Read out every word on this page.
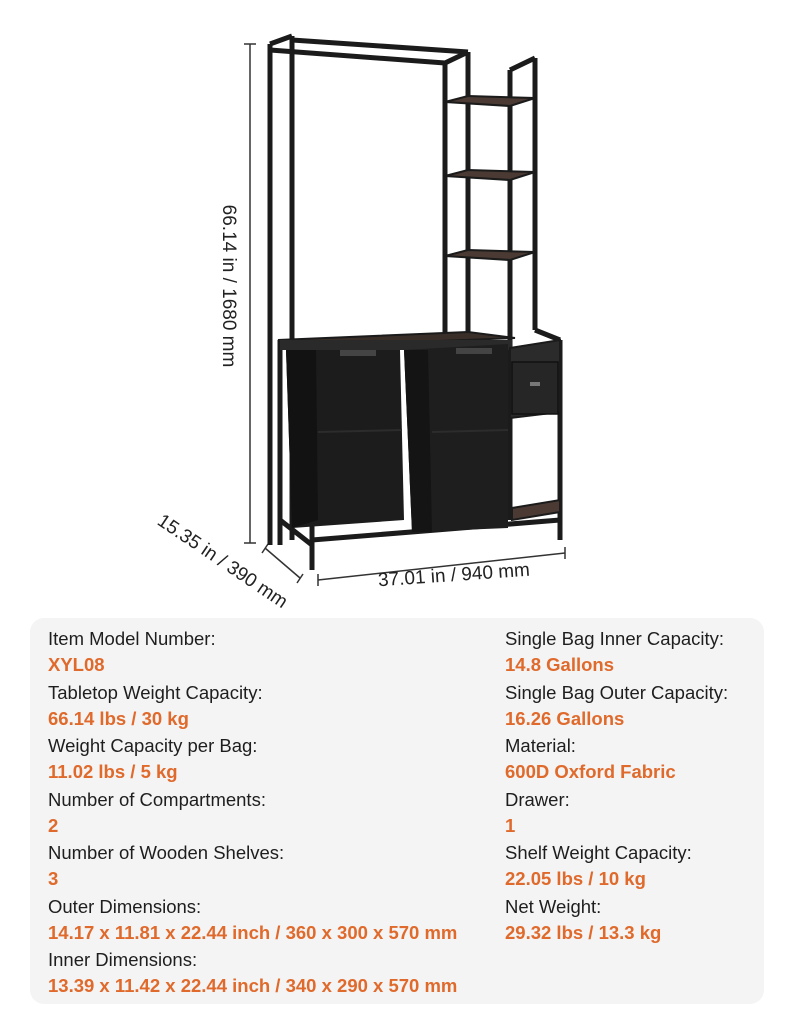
66.14 in / 1680 mm
15.35 in / 390 mm	37.01 in / 940 mm
Item Model Number:
XYL08
Tabletop Weight Capacity:
66.14 lbs / 30 kg
Weight Capacity per Bag:
11.02 lbs / 5 kg
Number of Compartments:
2
Number of Wooden Shelves:
3
Outer Dimensions:
14.17 x 11.81 x 22.44 inch / 360 x 300 x 570 mm
Inner Dimensions:
13.39 x 11.42 x 22.44 inch / 340 x 290 x 570 mm
Single Bag Inner Capacity:
14.8 Gallons
Single Bag Outer Capacity:
16.26 Gallons
Material:
600D Oxford Fabric
Drawer:
1
Shelf Weight Capacity:
22.05 lbs / 10 kg
Net Weight:
29.32 lbs / 13.3 kg
